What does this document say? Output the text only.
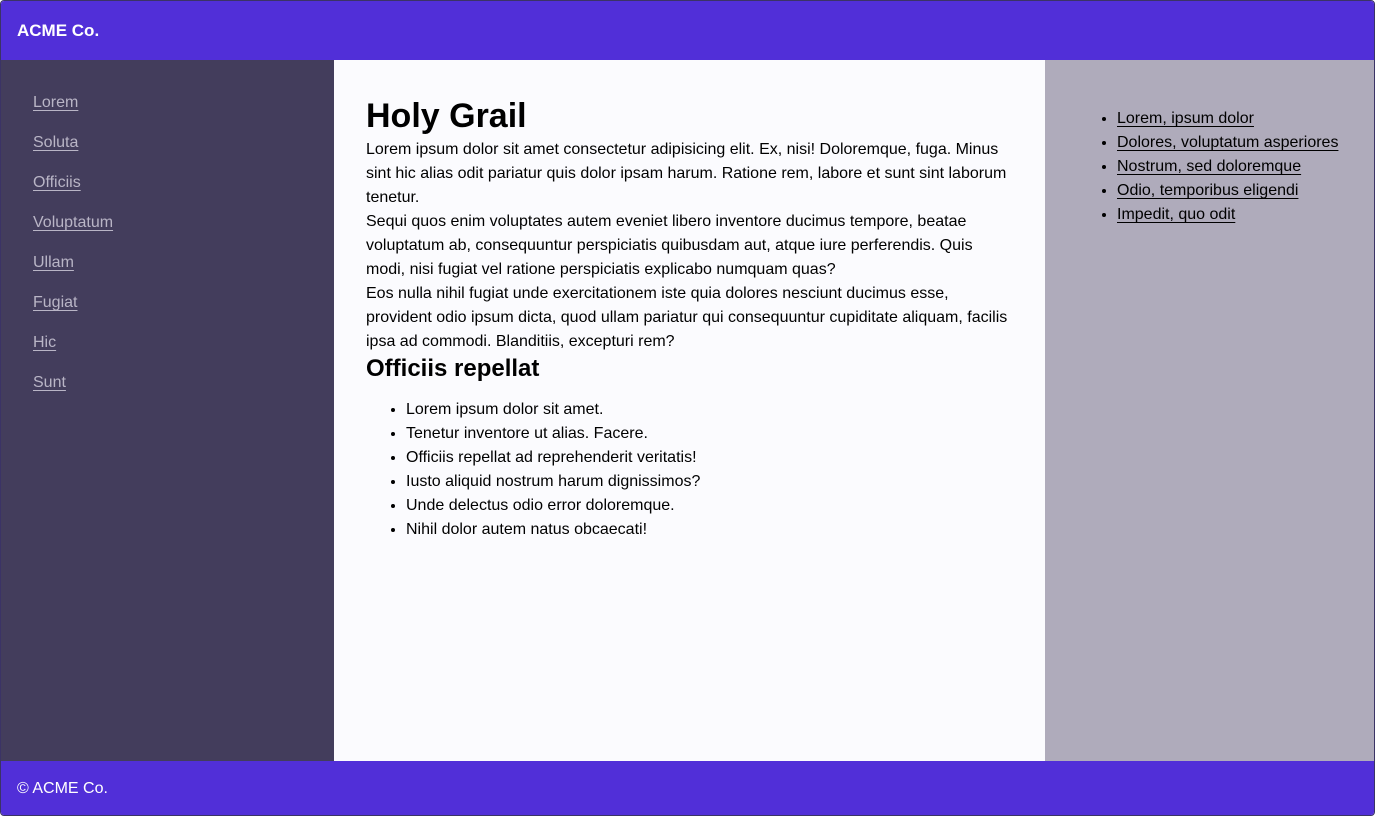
ACME Co.
Lorem
Soluta
Officiis
Voluptatum
Ullam
Fugiat
Hic
Sunt
Holy Grail

Lorem ipsum dolor sit amet consectetur adipisicing elit. Ex, nisi! Doloremque, fuga. Minus sint hic alias odit pariatur quis dolor ipsam harum. Ratione rem, labore et sunt sint laborum tenetur.

Sequi quos enim voluptates autem eveniet libero inventore ducimus tempore, beatae voluptatum ab, consequuntur perspiciatis quibusdam aut, atque iure perferendis. Quis modi, nisi fugiat vel ratione perspiciatis explicabo numquam quas?

Eos nulla nihil fugiat unde exercitationem iste quia dolores nesciunt ducimus esse, provident odio ipsum dicta, quod ullam pariatur qui consequuntur cupiditate aliquam, facilis ipsa ad commodi. Blanditiis, excepturi rem?

Officiis repellat
• Lorem ipsum dolor sit amet.
• Tenetur inventore ut alias. Facere.
• Officiis repellat ad reprehenderit veritatis!
• Iusto aliquid nostrum harum dignissimos?
• Unde delectus odio error doloremque.
• Nihil dolor autem natus obcaecati!
• Lorem, ipsum dolor
• Dolores, voluptatum asperiores
• Nostrum, sed doloremque
• Odio, temporibus eligendi
• Impedit, quo odit
© ACME Co.
